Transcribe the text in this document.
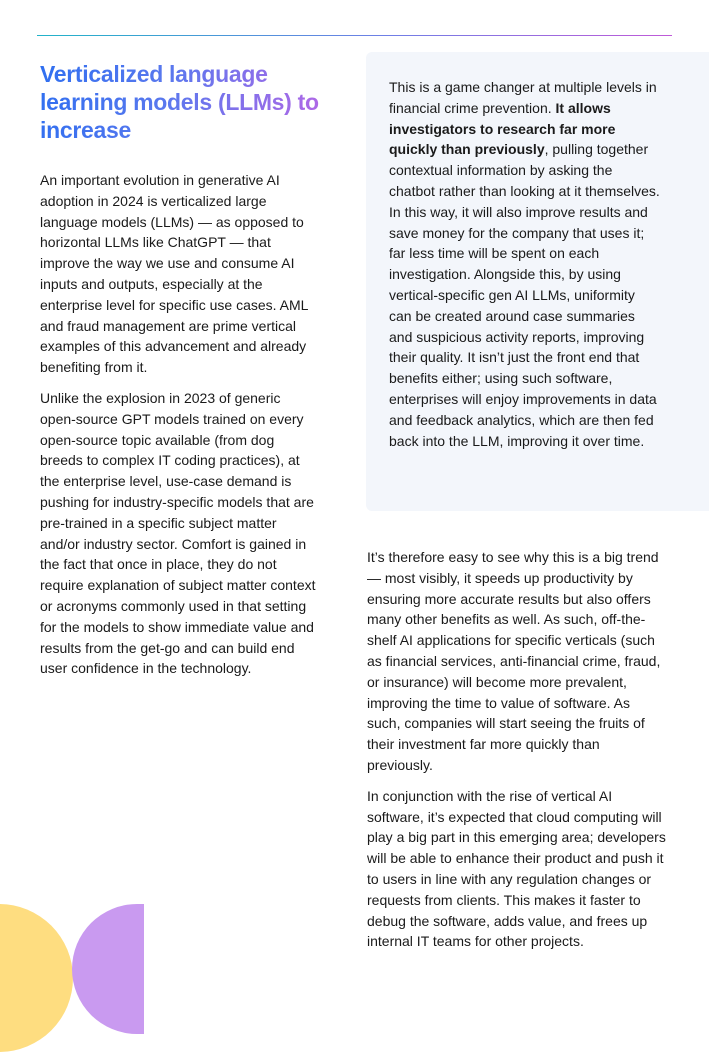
Verticalized language learning models (LLMs) to increase

An important evolution in generative AI adoption in 2024 is verticalized large language models (LLMs) — as opposed to horizontal LLMs like ChatGPT — that improve the way we use and consume AI inputs and outputs, especially at the enterprise level for specific use cases. AML and fraud management are prime vertical examples of this advancement and already benefiting from it.

Unlike the explosion in 2023 of generic open-source GPT models trained on every open-source topic available (from dog breeds to complex IT coding practices), at the enterprise level, use-case demand is pushing for industry-specific models that are pre-trained in a specific subject matter and/or industry sector. Comfort is gained in the fact that once in place, they do not require explanation of subject matter context or acronyms commonly used in that setting for the models to show immediate value and results from the get-go and can build end user confidence in the technology.

This is a game changer at multiple levels in financial crime prevention. It allows investigators to research far more quickly than previously, pulling together contextual information by asking the chatbot rather than looking at it themselves. In this way, it will also improve results and save money for the company that uses it; far less time will be spent on each investigation. Alongside this, by using vertical-specific gen AI LLMs, uniformity can be created around case summaries and suspicious activity reports, improving their quality. It isn’t just the front end that benefits either; using such software, enterprises will enjoy improvements in data and feedback analytics, which are then fed back into the LLM, improving it over time.

It’s therefore easy to see why this is a big trend — most visibly, it speeds up productivity by ensuring more accurate results but also offers many other benefits as well. As such, off-the-shelf AI applications for specific verticals (such as financial services, anti-financial crime, fraud, or insurance) will become more prevalent, improving the time to value of software. As such, companies will start seeing the fruits of their investment far more quickly than previously.

In conjunction with the rise of vertical AI software, it’s expected that cloud computing will play a big part in this emerging area; developers will be able to enhance their product and push it to users in line with any regulation changes or requests from clients. This makes it faster to debug the software, adds value, and frees up internal IT teams for other projects.
